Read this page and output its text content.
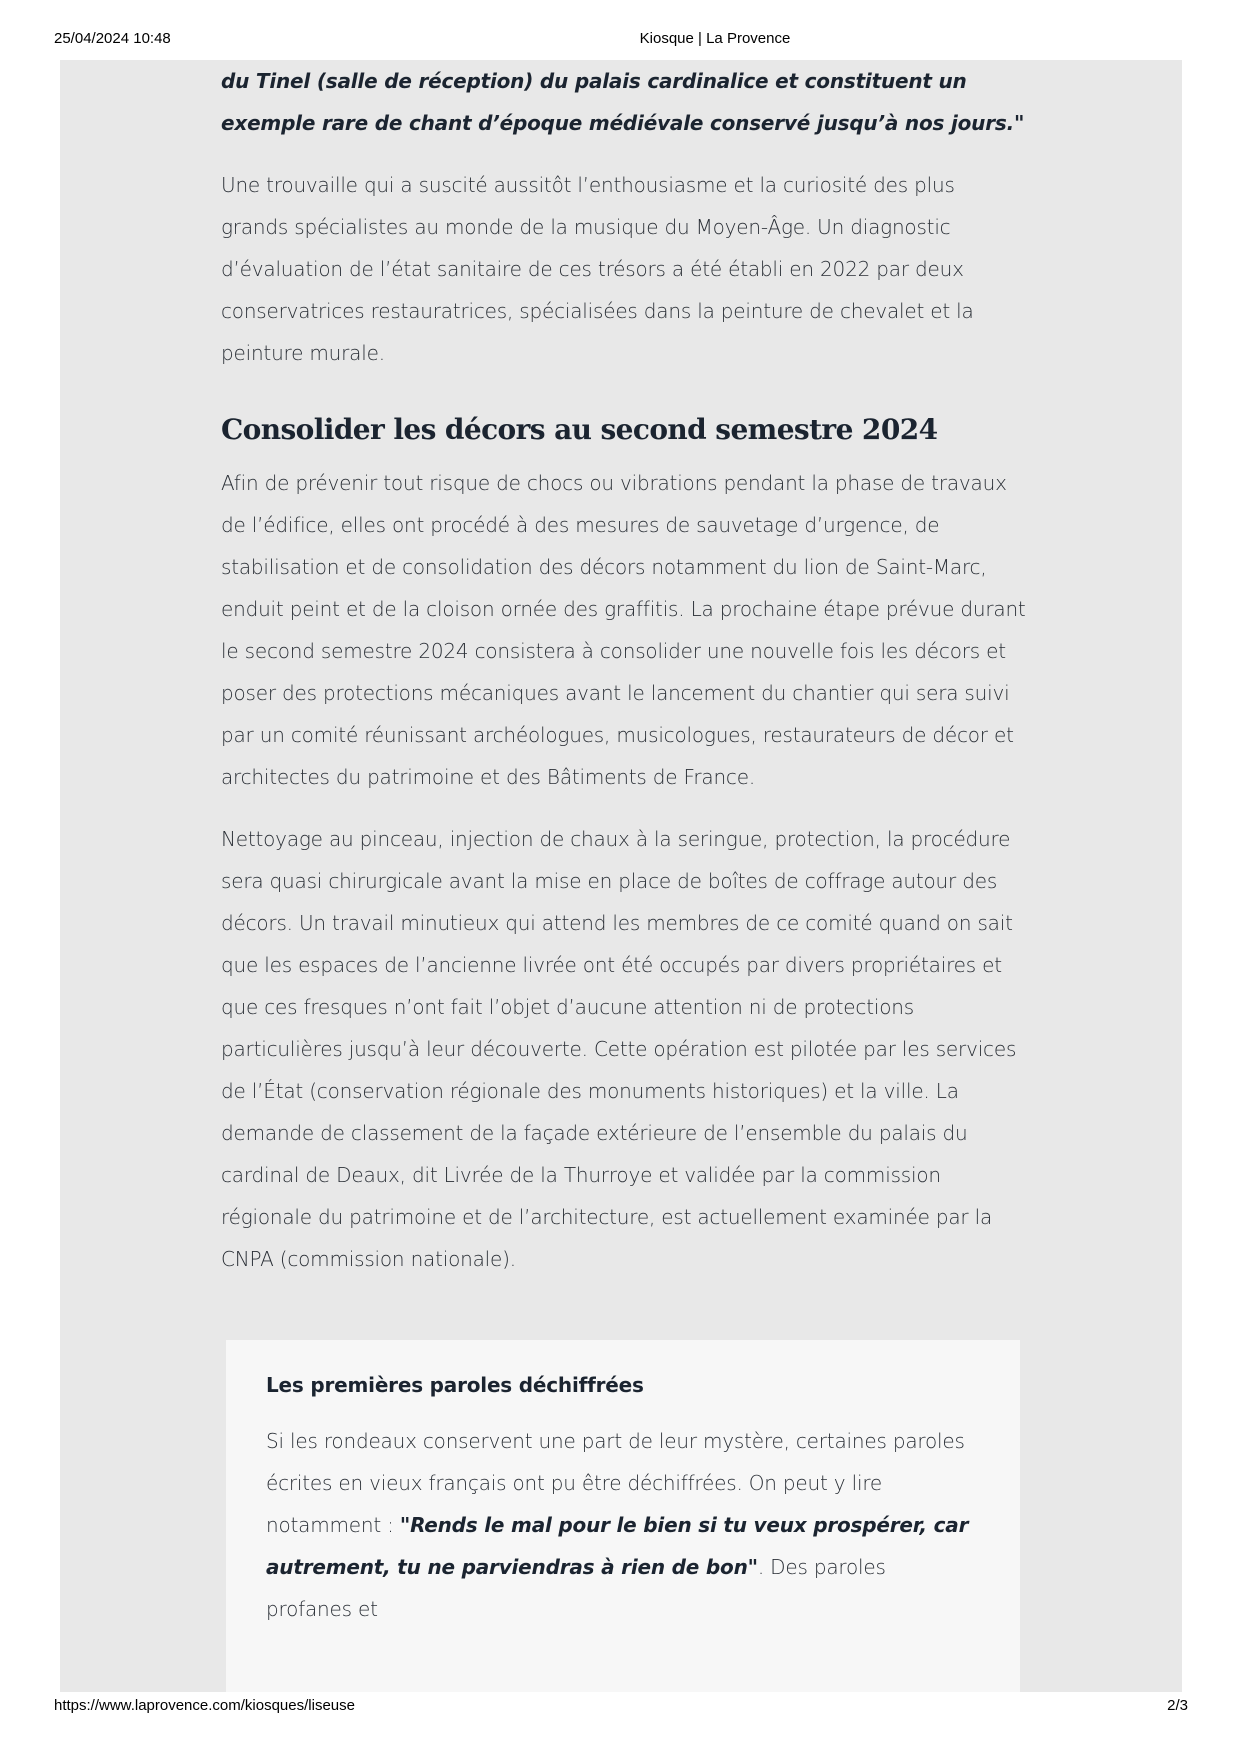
25/04/2024 10:48	Kiosque | La Provence

du Tinel (salle de réception) du palais cardinalice et constituent un exemple rare de chant d’époque médiévale conservé jusqu’à nos jours."

Une trouvaille qui a suscité aussitôt l’enthousiasme et la curiosité des plus grands spécialistes au monde de la musique du Moyen-Âge. Un diagnostic d’évaluation de l’état sanitaire de ces trésors a été établi en 2022 par deux conservatrices restauratrices, spécialisées dans la peinture de chevalet et la peinture murale.

Consolider les décors au second semestre 2024

Afin de prévenir tout risque de chocs ou vibrations pendant la phase de travaux de l’édifice, elles ont procédé à des mesures de sauvetage d’urgence, de stabilisation et de consolidation des décors notamment du lion de Saint-Marc, enduit peint et de la cloison ornée des graffitis. La prochaine étape prévue durant le second semestre 2024 consistera à consolider une nouvelle fois les décors et poser des protections mécaniques avant le lancement du chantier qui sera suivi par un comité réunissant archéologues, musicologues, restaurateurs de décor et architectes du patrimoine et des Bâtiments de France.

Nettoyage au pinceau, injection de chaux à la seringue, protection, la procédure sera quasi chirurgicale avant la mise en place de boîtes de coffrage autour des décors. Un travail minutieux qui attend les membres de ce comité quand on sait que les espaces de l’ancienne livrée ont été occupés par divers propriétaires et que ces fresques n’ont fait l’objet d’aucune attention ni de protections particulières jusqu’à leur découverte. Cette opération est pilotée par les services de l’État (conservation régionale des monuments historiques) et la ville. La demande de classement de la façade extérieure de l’ensemble du palais du cardinal de Deaux, dit Livrée de la Thurroye et validée par la commission régionale du patrimoine et de l’architecture, est actuellement examinée par la CNPA (commission nationale).

Les premières paroles déchiffrées

Si les rondeaux conservent une part de leur mystère, certaines paroles écrites en vieux français ont pu être déchiffrées. On peut y lire notamment : "Rends le mal pour le bien si tu veux prospérer, car autrement, tu ne parviendras à rien de bon". Des paroles profanes et

https://www.laprovence.com/kiosques/liseuse	2/3
